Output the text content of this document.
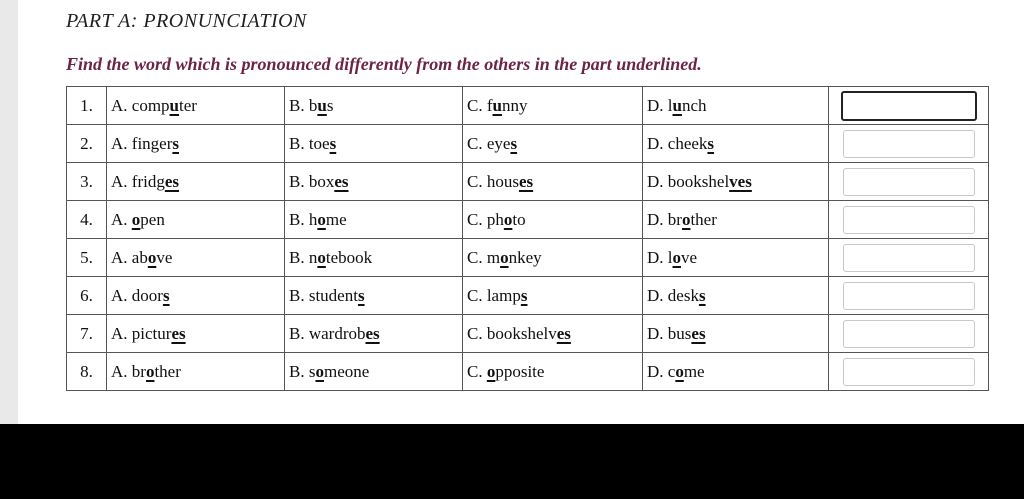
PART A: PRONUNCIATION

Find the word which is pronounced differently from the others in the part underlined.

1.	A. computer	B. bus	C. funny	D. lunch	

2.	A. fingers	B. toes	C. eyes	D. cheeks	

3.	A. fridges	B. boxes	C. houses	D. bookshelves	

4.	A. open	B. home	C. photo	D. brother	

5.	A. above	B. notebook	C. monkey	D. love	

6.	A. doors	B. students	C. lamps	D. desks	

7.	A. pictures	B. wardrobes	C. bookshelves	D. buses	

8.	A. brother	B. someone	C. opposite	D. come	
